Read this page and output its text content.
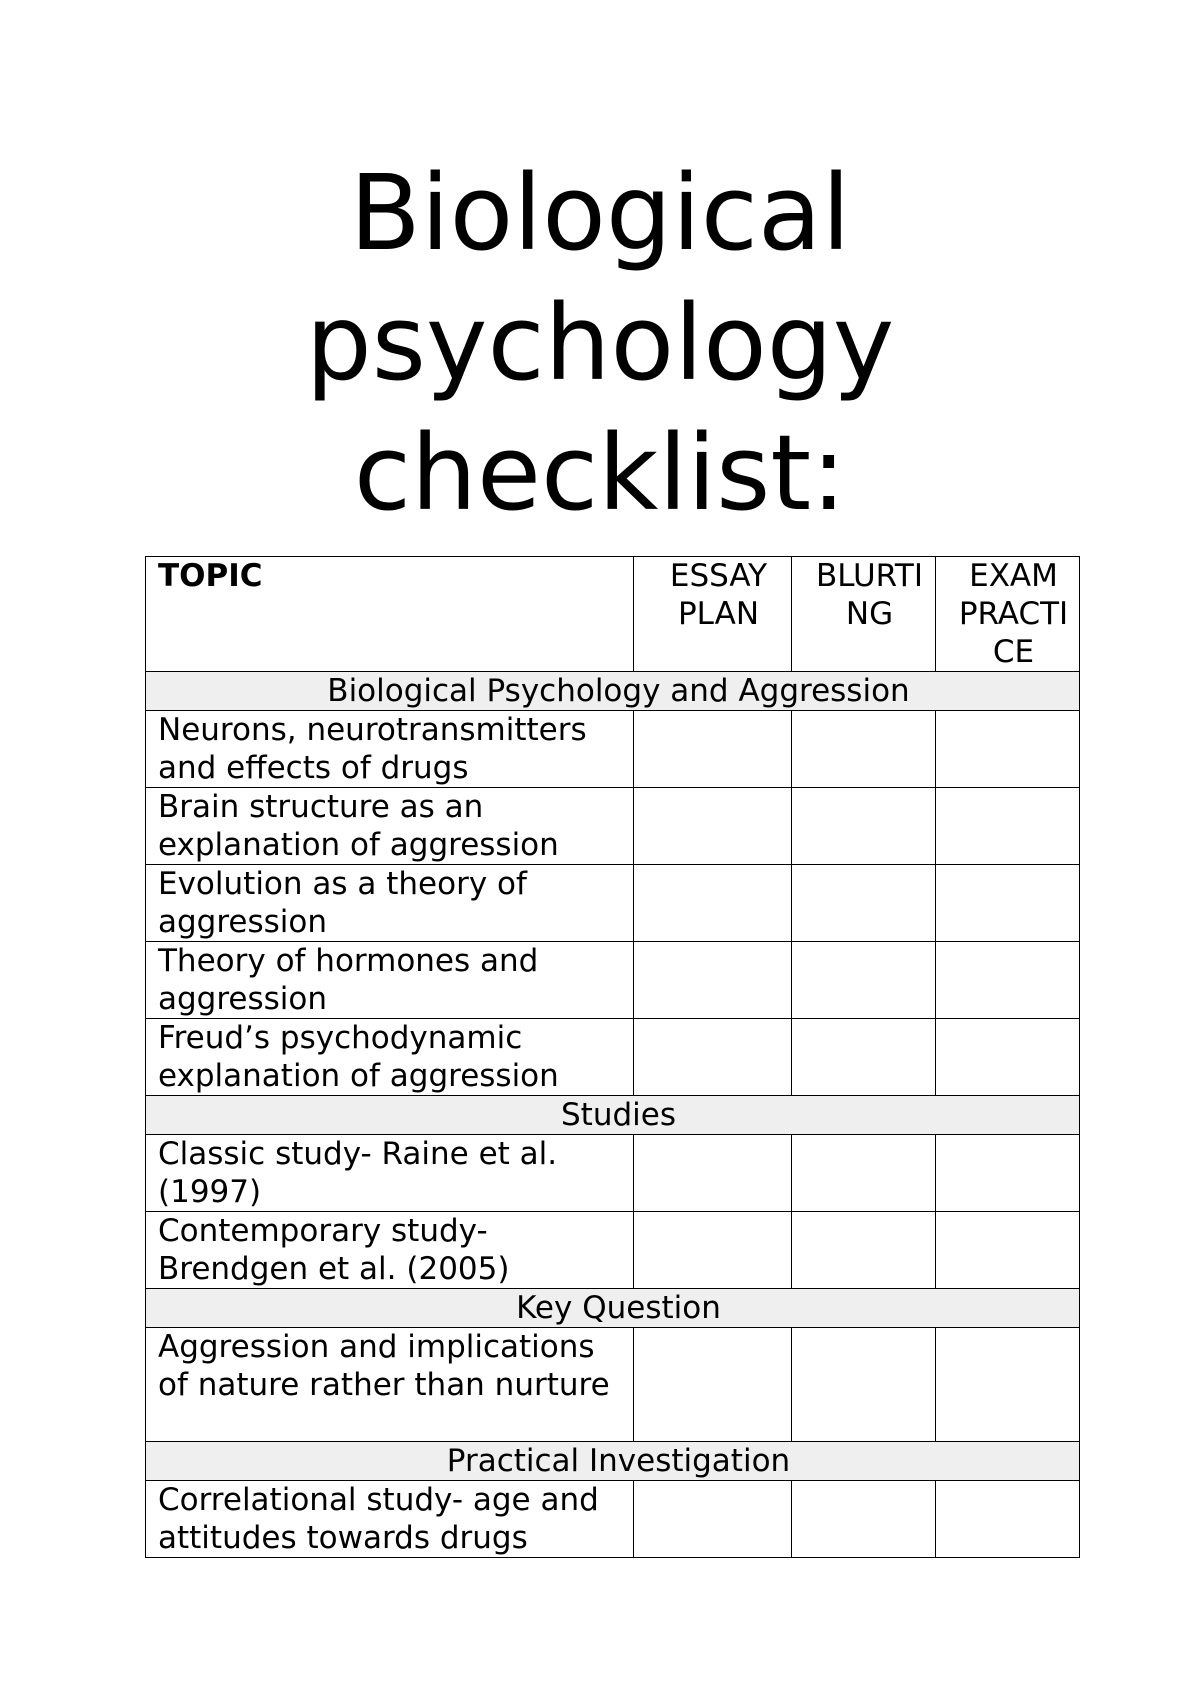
Biological
psychology
checklist:
TOPIC	ESSAY PLAN	BLURTI NG	EXAM PRACTI CE
Biological Psychology and Aggression			
Neurons, neurotransmitters and effects of drugs			
Brain structure as an explanation of aggression			
Evolution as a theory of aggression			
Theory of hormones and aggression			
Freud’s psychodynamic explanation of aggression			
Studies			
Classic study- Raine et al. (1997)			
Contemporary study- Brendgen et al. (2005)			
Key Question			
Aggression and implications of nature rather than nurture			
Practical Investigation			
Correlational study- age and attitudes towards drugs			
